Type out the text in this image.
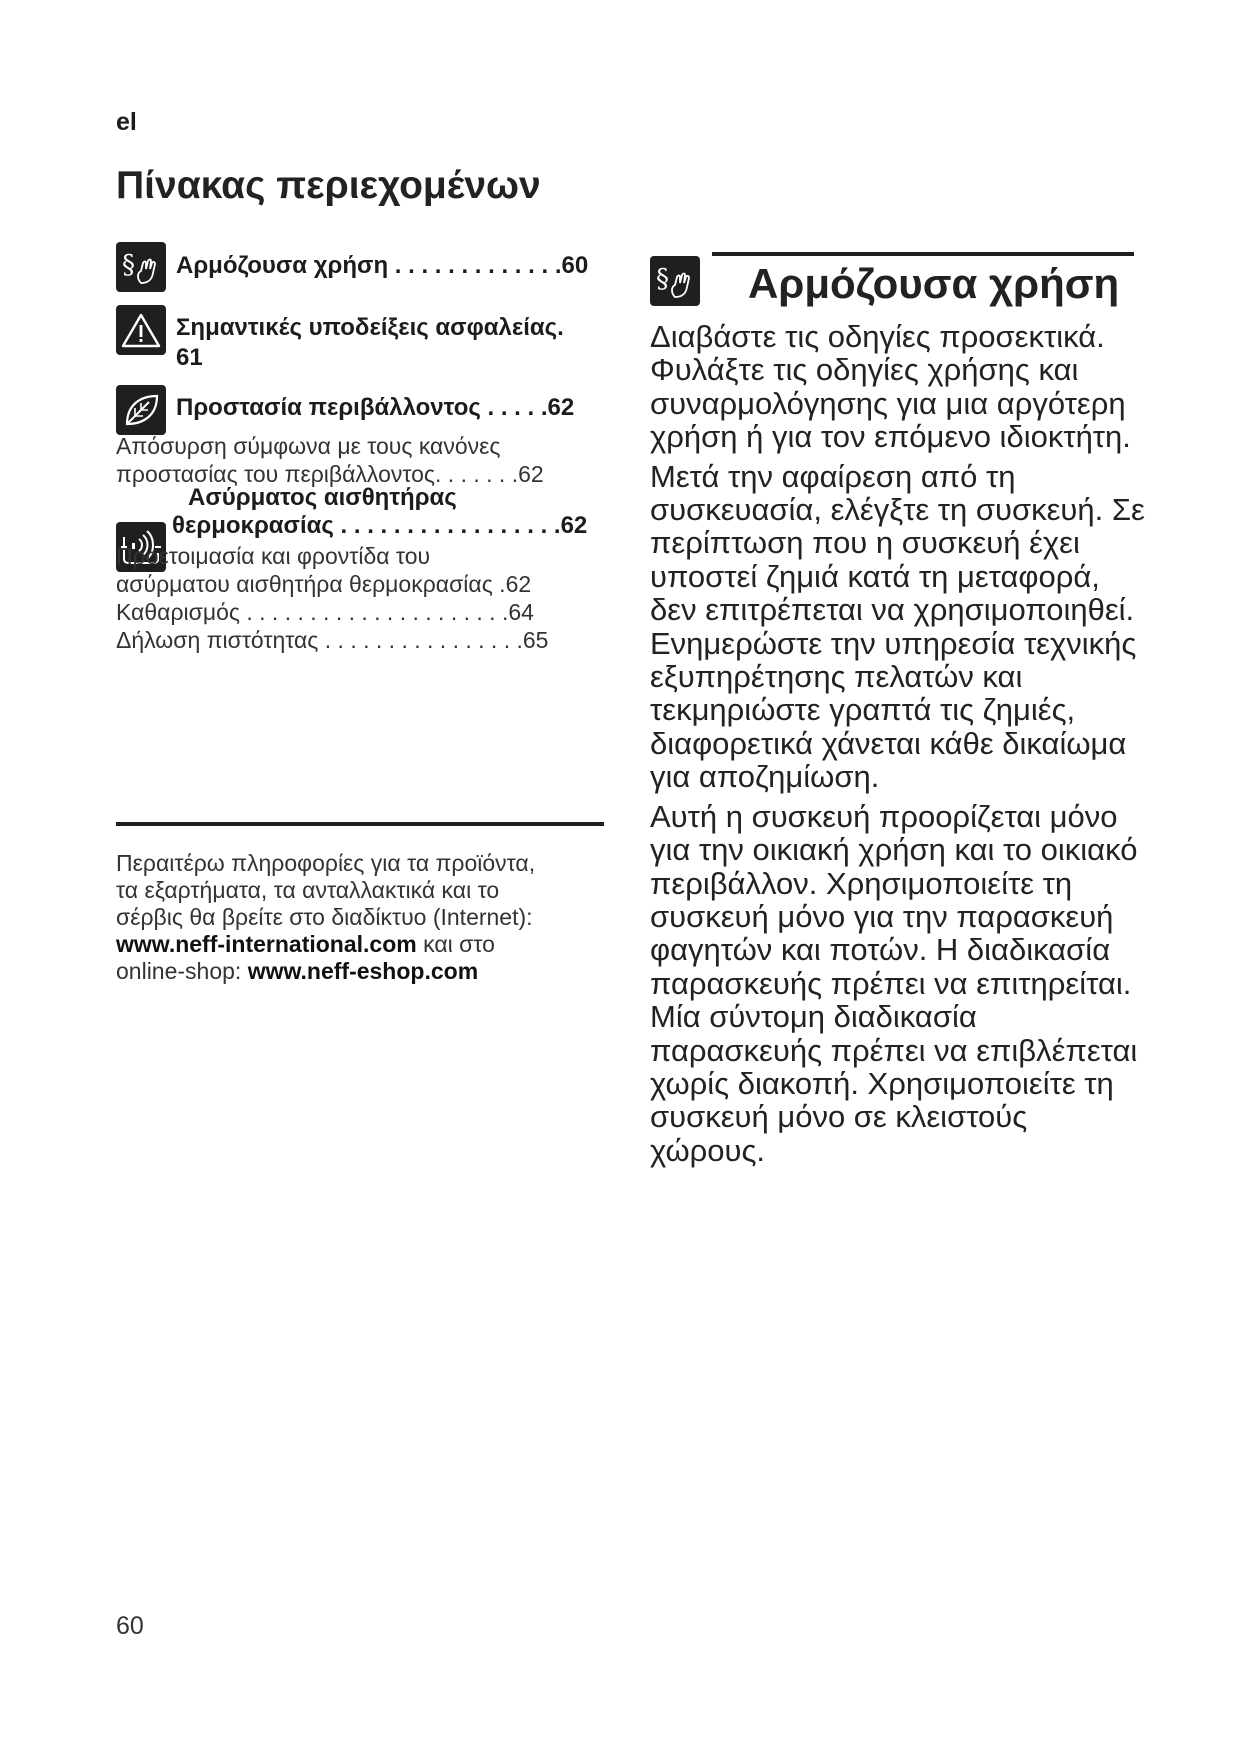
el
Πίνακας περιεχομένων
§ Αρμόζουσα χρήση . . . . . . . . . . . . .60
Σημαντικές υποδείξεις ασφαλείας.
61
Προστασία περιβάλλοντος . . . . .62
Απόσυρση σύμφωνα με τους κανόνες
προστασίας του περιβάλλοντος. . . . . . .62
Ασύρματος αισθητήρας
θερμοκρασίας . . . . . . . . . . . . . . . . .62
Προετοιμασία και φροντίδα του
ασύρματου αισθητήρα θερμοκρασίας .62
Καθαρισμός . . . . . . . . . . . . . . . . . . . . .64
Δήλωση πιστότητας . . . . . . . . . . . . . . . .65
Περαιτέρω πληροφορίες για τα προϊόντα,
τα εξαρτήματα, τα ανταλλακτικά και το
σέρβις θα βρείτε στο διαδίκτυο (Internet):
www.neff-international.com και στο
online-shop: www.neff-eshop.com
§ Αρμόζουσα χρήση

Διαβάστε τις οδηγίες προσεκτικά. Φυλάξτε τις οδηγίες χρήσης και συναρμολόγησης για μια αργότερη χρήση ή για τον επόμενο ιδιοκτήτη.

Μετά την αφαίρεση από τη συσκευασία, ελέγξτε τη συσκευή. Σε περίπτωση που η συσκευή έχει υποστεί ζημιά κατά τη μεταφορά, δεν επιτρέπεται να χρησιμοποιηθεί. Ενημερώστε την υπηρεσία τεχνικής εξυπηρέτησης πελατών και τεκμηριώστε γραπτά τις ζημιές, διαφορετικά χάνεται κάθε δικαίωμα για αποζημίωση.

Αυτή η συσκευή προορίζεται μόνο για την οικιακή χρήση και το οικιακό περιβάλλον. Χρησιμοποιείτε τη συσκευή μόνο για την παρασκευή φαγητών και ποτών. Η διαδικασία παρασκευής πρέπει να επιτηρείται. Μία σύντομη διαδικασία παρασκευής πρέπει να επιβλέπεται χωρίς διακοπή. Χρησιμοποιείτε τη συσκευή μόνο σε κλειστούς χώρους.

60
